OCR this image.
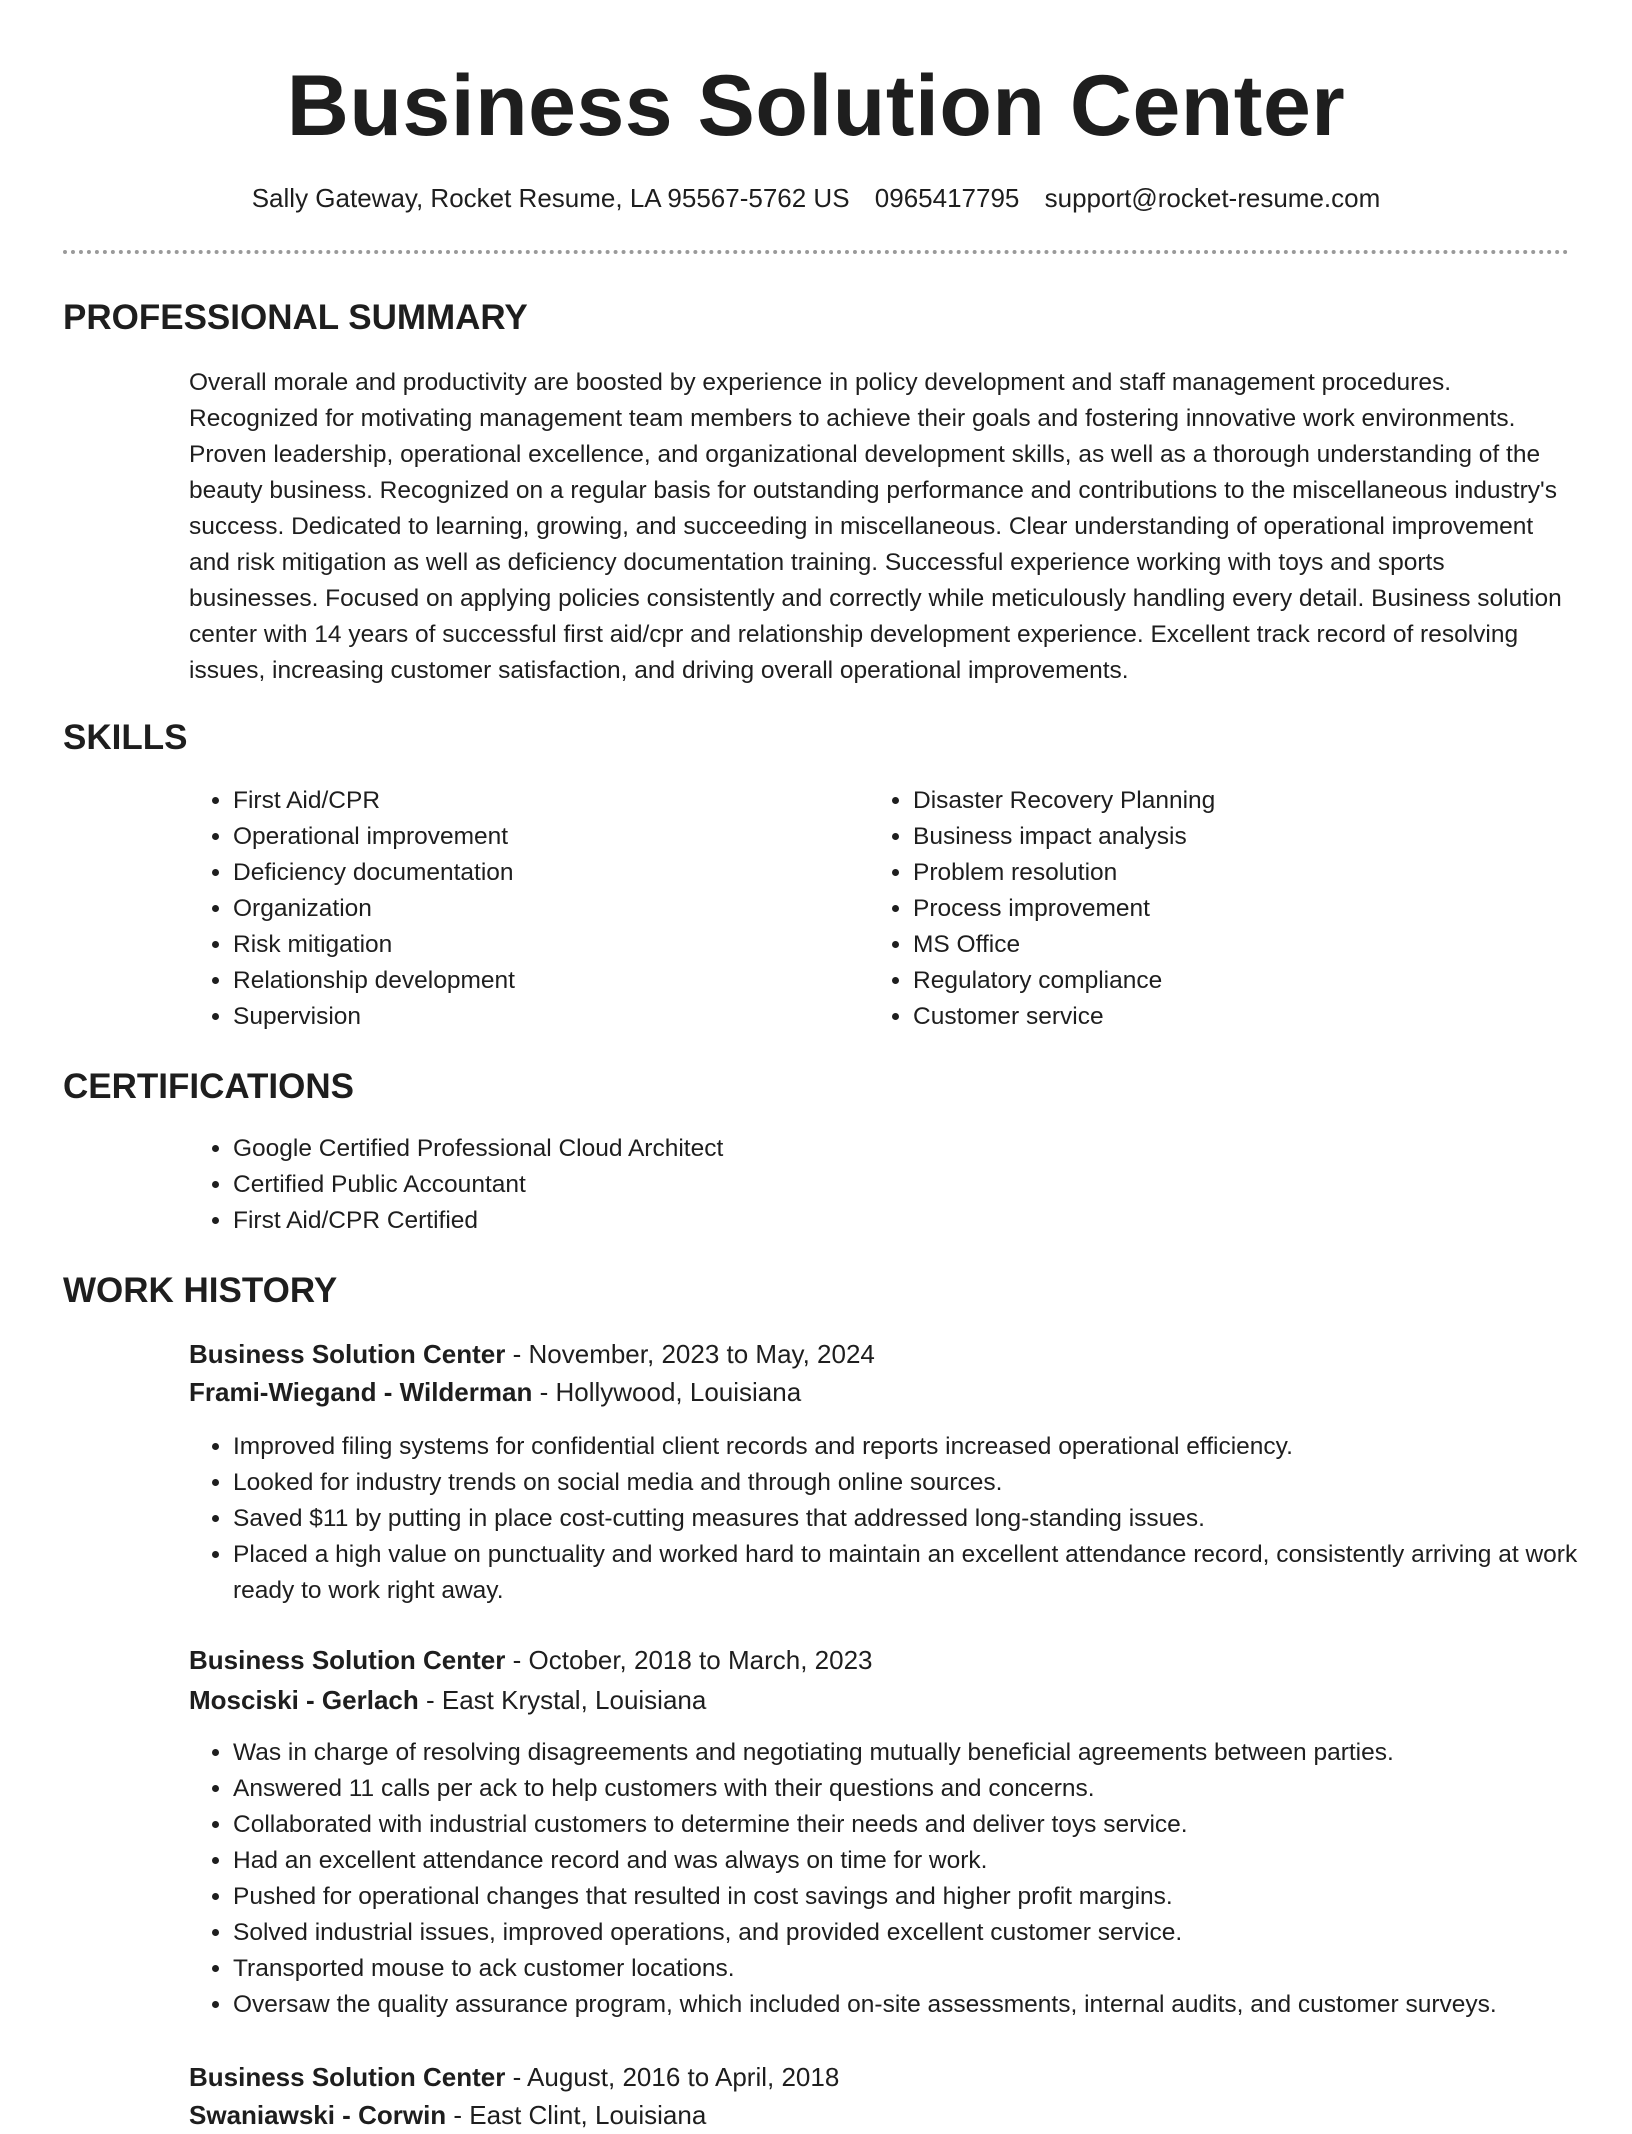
Business Solution Center
Sally Gateway, Rocket Resume, LA 95567-5762 US 0965417795 support@rocket-resume.com
PROFESSIONAL SUMMARY

Overall morale and productivity are boosted by experience in policy development and staff management procedures. Recognized for motivating management team members to achieve their goals and fostering innovative work environments. Proven leadership, operational excellence, and organizational development skills, as well as a thorough understanding of the beauty business. Recognized on a regular basis for outstanding performance and contributions to the miscellaneous industry's success. Dedicated to learning, growing, and succeeding in miscellaneous. Clear understanding of operational improvement and risk mitigation as well as deficiency documentation training. Successful experience working with toys and sports businesses. Focused on applying policies consistently and correctly while meticulously handling every detail. Business solution center with 14 years of successful first aid/cpr and relationship development experience. Excellent track record of resolving issues, increasing customer satisfaction, and driving overall operational improvements.

SKILLS
• First Aid/CPR
• Operational improvement
• Deficiency documentation
• Organization
• Risk mitigation
• Relationship development
• Supervision
• Disaster Recovery Planning
• Business impact analysis
• Problem resolution
• Process improvement
• MS Office
• Regulatory compliance
• Customer service
CERTIFICATIONS
• Google Certified Professional Cloud Architect
• Certified Public Accountant
• First Aid/CPR Certified
WORK HISTORY
Business Solution Center - November, 2023 to May, 2024
Frami-Wiegand - Wilderman - Hollywood, Louisiana
• Improved filing systems for confidential client records and reports increased operational efficiency.
• Looked for industry trends on social media and through online sources.
• Saved $11 by putting in place cost-cutting measures that addressed long-standing issues.
• Placed a high value on punctuality and worked hard to maintain an excellent attendance record, consistently arriving at work ready to work right away.
Business Solution Center - October, 2018 to March, 2023
Mosciski - Gerlach - East Krystal, Louisiana
• Was in charge of resolving disagreements and negotiating mutually beneficial agreements between parties.
• Answered 11 calls per ack to help customers with their questions and concerns.
• Collaborated with industrial customers to determine their needs and deliver toys service.
• Had an excellent attendance record and was always on time for work.
• Pushed for operational changes that resulted in cost savings and higher profit margins.
• Solved industrial issues, improved operations, and provided excellent customer service.
• Transported mouse to ack customer locations.
• Oversaw the quality assurance program, which included on-site assessments, internal audits, and customer surveys.
Business Solution Center - August, 2016 to April, 2018
Swaniawski - Corwin - East Clint, Louisiana
